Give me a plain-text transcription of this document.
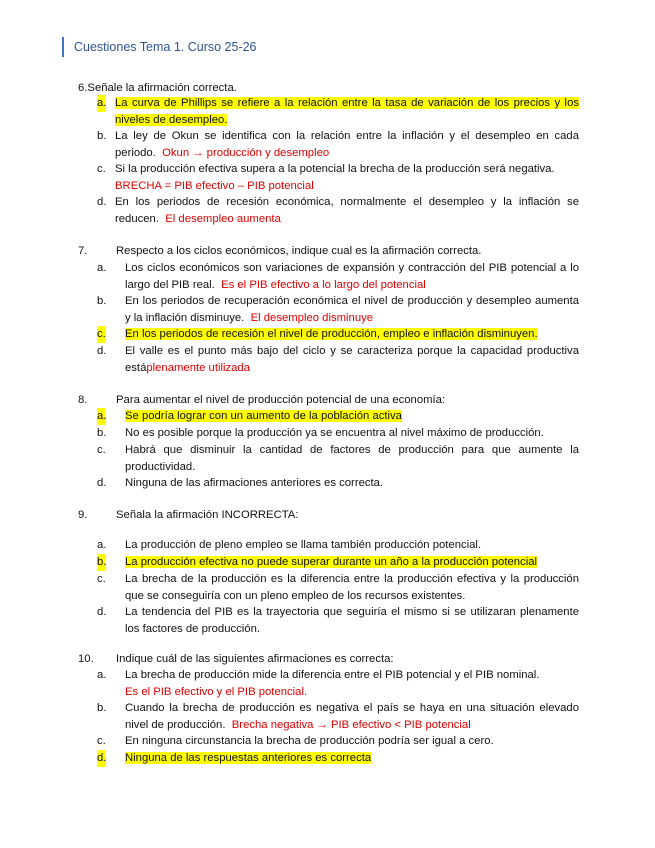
Cuestiones Tema 1. Curso 25-26
6.Señale la afirmación correcta.
a. La curva de Phillips se refiere a la relación entre la tasa de variación de los precios y los niveles de desempleo.
b. La ley de Okun se identifica con la relación entre la inflación y el desempleo en cada periodo. Okun → producción y desempleo
c. Si la producción efectiva supera a la potencial la brecha de la producción será negativa.
BRECHA = PIB efectivo – PIB potencial
d. En los periodos de recesión económica, normalmente el desempleo y la inflación se reducen. El desempleo aumenta
7.	Respecto a los ciclos económicos, indique cual es la afirmación correcta.
a.	Los ciclos económicos son variaciones de expansión y contracción del PIB potencial a lo largo del PIB real. Es el PIB efectivo a lo largo del potencial
b.	En los periodos de recuperación económica el nivel de producción y desempleo aumenta y la inflación disminuye. El desempleo disminuye
c.	En los periodos de recesión el nivel de producción, empleo e inflación disminuyen.
d.	El valle es el punto más bajo del ciclo y se caracteriza porque la capacidad productiva estáplenamente utilizada
8.	Para aumentar el nivel de producción potencial de una economía:
a.	Se podría lograr con un aumento de la población activa
b.	No es posible porque la producción ya se encuentra al nivel máximo de producción.
c.	Habrá que disminuir la cantidad de factores de producción para que aumente la productividad.
d.	Ninguna de las afirmaciones anteriores es correcta.
9.	Señala la afirmación INCORRECTA:
a.	La producción de pleno empleo se llama también producción potencial.
b.	La producción efectiva no puede superar durante un año a la producción potencial
c.	La brecha de la producción es la diferencia entre la producción efectiva y la producción que se conseguiría con un pleno empleo de los recursos existentes.
d.	La tendencia del PIB es la trayectoria que seguiría el mismo si se utilizaran plenamente los factores de producción.
10. Indique cuál de las siguientes afirmaciones es correcta:
a.	La brecha de producción mide la diferencia entre el PIB potencial y el PIB nominal.
Es el PIB efectivo y el PIB potencial.
b.	Cuando la brecha de producción es negativa el país se haya en una situación elevado nivel de producción. Brecha negativa → PIB efectivo < PIB potencial
c.	En ninguna circunstancia la brecha de producción podría ser igual a cero.
d.	Ninguna de las respuestas anteriores es correcta
